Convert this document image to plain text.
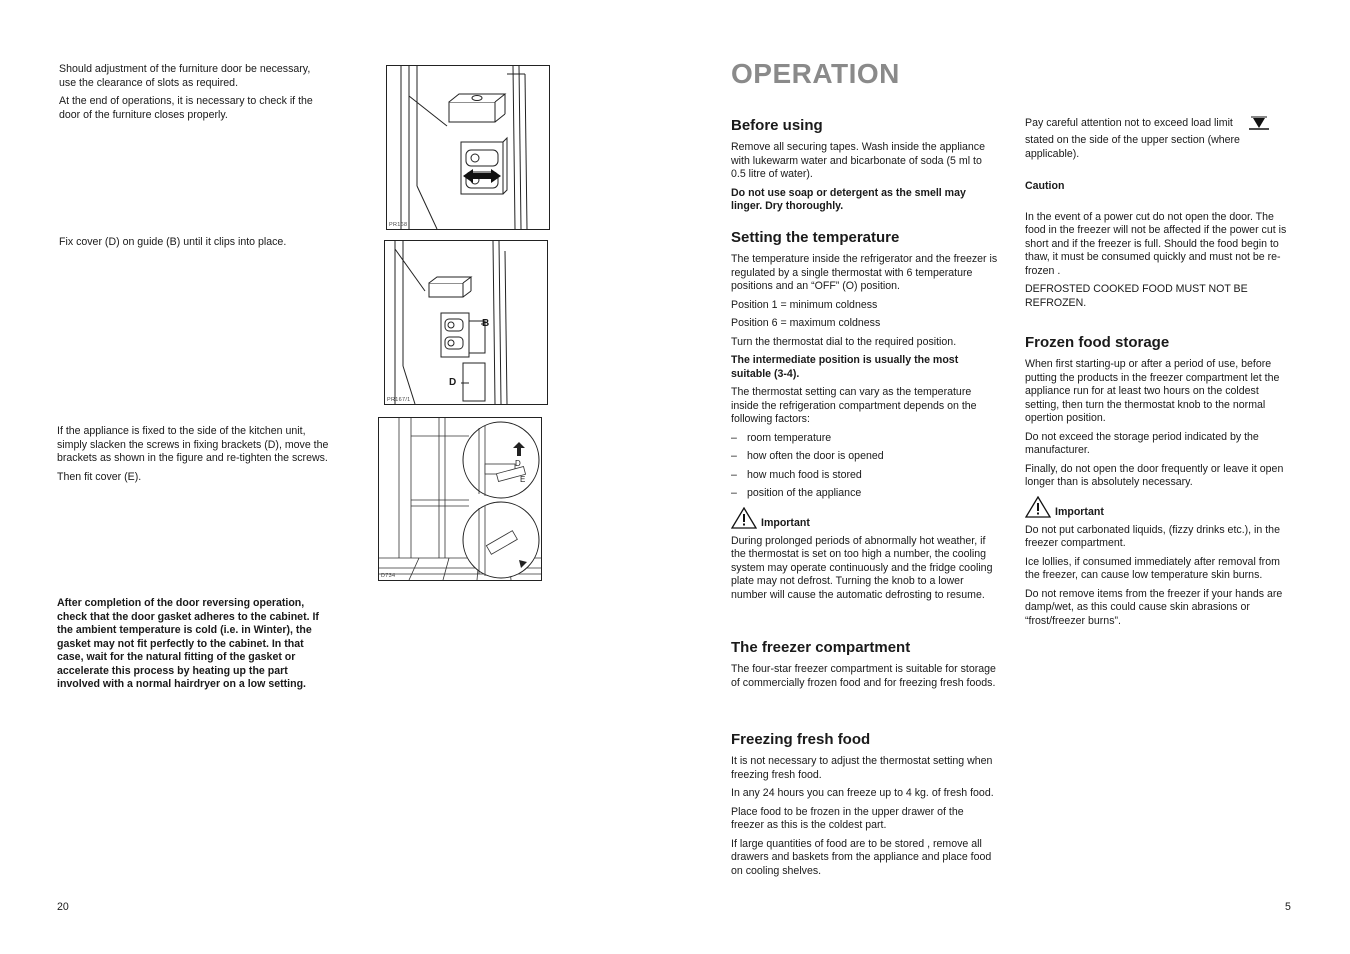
Should adjustment of the furniture door be necessary, use the clearance of slots as required.

At the end of operations, it is necessary to check if the door of the furniture closes properly.

PR168

Fix cover (D) on guide (B) until it clips into place.

B
D
PR167/1

If the appliance is fixed to the side of the kitchen unit, simply slacken the screws in fixing brackets (D), move the brackets as shown in the figure and re-tighten the screws.

Then fit cover (E).

D
E
D734

After completion of the door reversing operation, check that the door gasket adheres to the cabinet. If the ambient temperature is cold (i.e. in Winter), the gasket may not fit perfectly to the cabinet. In that case, wait for the natural fitting of the gasket or accelerate this process by heating up the part involved with a normal hairdryer on a low setting.

20
OPERATION
Before using

Remove all securing tapes. Wash inside the appliance with lukewarm water and bicarbonate of soda (5 ml to 0.5 litre of water).

Do not use soap or detergent as the smell may linger. Dry thoroughly.

Setting the temperature

The temperature inside the refrigerator and the freezer is regulated by a single thermostat with 6 temperature positions and an “OFF” (O) position.

Position 1 = minimum coldness

Position 6 = maximum coldness

Turn the thermostat dial to the required position.

The intermediate position is usually the most suitable (3-4).

The thermostat setting can vary as the temperature inside the refrigeration compartment depends on the following factors:

– room temperature
– how often the door is opened
– how much food is stored
– position of the appliance
Important

During prolonged periods of abnormally hot weather, if the thermostat is set on too high a number, the cooling system may operate continuously and the fridge cooling plate may not defrost. Turning the knob to a lower number will cause the automatic defrosting to resume.

The freezer compartment

The four-star freezer compartment is suitable for storage of commercially frozen food and for freezing fresh foods.

Freezing fresh food

It is not necessary to adjust the thermostat setting when freezing fresh food.

In any 24 hours you can freeze up to 4 kg. of fresh food.

Place food to be frozen in the upper drawer of the freezer as this is the coldest part.

If large quantities of food are to be stored , remove all drawers and baskets from the appliance and place food on cooling shelves.

Pay careful attention not to exceed load limit

stated on the side of the upper section (where applicable).

Caution

In the event of a power cut do not open the door. The food in the freezer will not be affected if the power cut is short and if the freezer is full. Should the food begin to thaw, it must be consumed quickly and must not be re-frozen .

DEFROSTED COOKED FOOD MUST NOT BE REFROZEN.

Frozen food storage

When first starting-up or after a period of use, before putting the products in the freezer compartment let the appliance run for at least two hours on the coldest setting, then turn the thermostat knob to the normal opertion position.

Do not exceed the storage period indicated by the manufacturer.

Finally, do not open the door frequently or leave it open longer than is absolutely necessary.

Important

Do not put carbonated liquids, (fizzy drinks etc.), in the freezer compartment.

Ice lollies, if consumed immediately after removal from the freezer, can cause low temperature skin burns.

Do not remove items from the freezer if your hands are damp/wet, as this could cause skin abrasions or “frost/freezer burns”.

5
